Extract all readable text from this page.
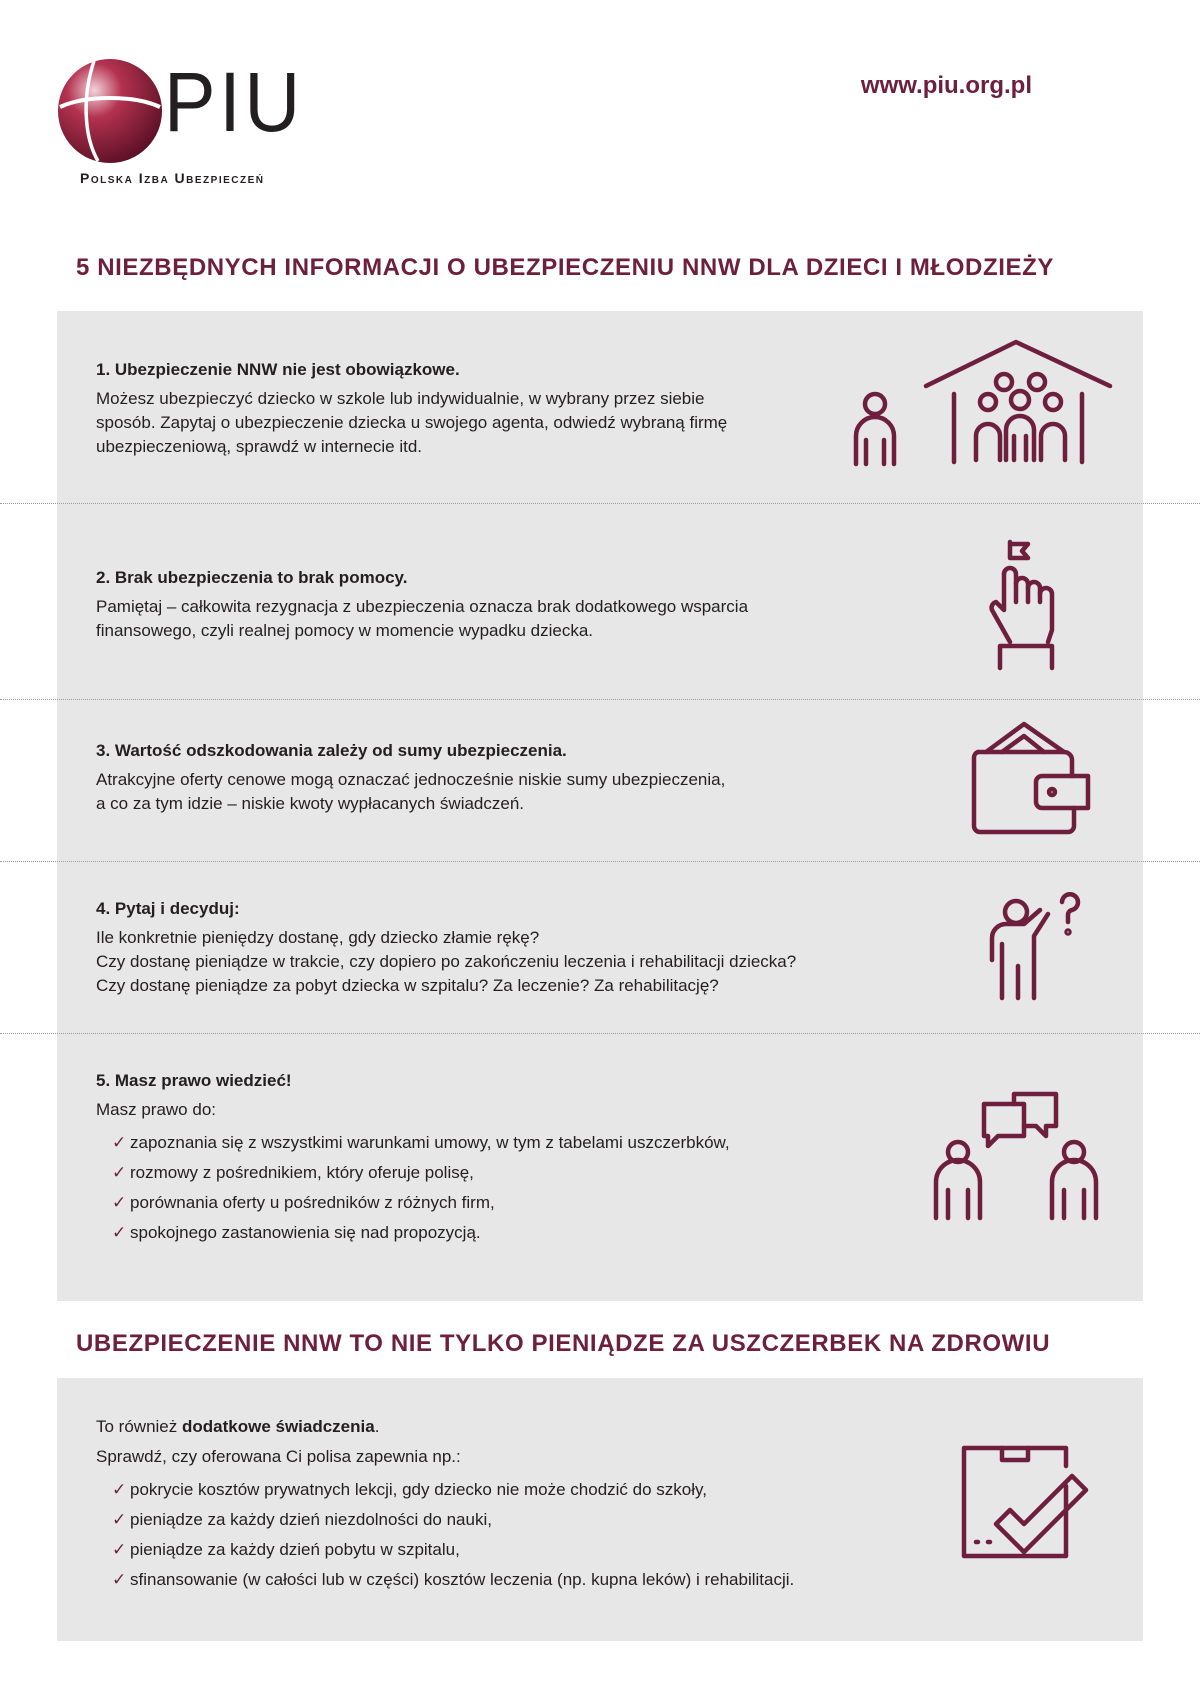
PIU
Polska Izba Ubezpieczeń
www.piu.org.pl
5 NIEZBĘDNYCH INFORMACJI O UBEZPIECZENIU NNW DLA DZIECI I MŁODZIEŻY
1. Ubezpieczenie NNW nie jest obowiązkowe.
Możesz ubezpieczyć dziecko w szkole lub indywidualnie, w wybrany przez siebie
sposób. Zapytaj o ubezpieczenie dziecka u swojego agenta, odwiedź wybraną firmę
ubezpieczeniową, sprawdź w internecie itd.
2. Brak ubezpieczenia to brak pomocy.
Pamiętaj – całkowita rezygnacja z ubezpieczenia oznacza brak dodatkowego wsparcia
finansowego, czyli realnej pomocy w momencie wypadku dziecka.
3. Wartość odszkodowania zależy od sumy ubezpieczenia.
Atrakcyjne oferty cenowe mogą oznaczać jednocześnie niskie sumy ubezpieczenia,
a co za tym idzie – niskie kwoty wypłacanych świadczeń.
4. Pytaj i decyduj:
Ile konkretnie pieniędzy dostanę, gdy dziecko złamie rękę?
Czy dostanę pieniądze w trakcie, czy dopiero po zakończeniu leczenia i rehabilitacji dziecka?
Czy dostanę pieniądze za pobyt dziecka w szpitalu? Za leczenie? Za rehabilitację?
5. Masz prawo wiedzieć!
Masz prawo do:
✓ zapoznania się z wszystkimi warunkami umowy, w tym z tabelami uszczerbków,
✓ rozmowy z pośrednikiem, który oferuje polisę,
✓ porównania oferty u pośredników z różnych firm,
✓ spokojnego zastanowienia się nad propozycją.
UBEZPIECZENIE NNW TO NIE TYLKO PIENIĄDZE ZA USZCZERBEK NA ZDROWIU
To również dodatkowe świadczenia.
Sprawdź, czy oferowana Ci polisa zapewnia np.:
✓ pokrycie kosztów prywatnych lekcji, gdy dziecko nie może chodzić do szkoły,
✓ pieniądze za każdy dzień niezdolności do nauki,
✓ pieniądze za każdy dzień pobytu w szpitalu,
✓ sfinansowanie (w całości lub w części) kosztów leczenia (np. kupna leków) i rehabilitacji.
